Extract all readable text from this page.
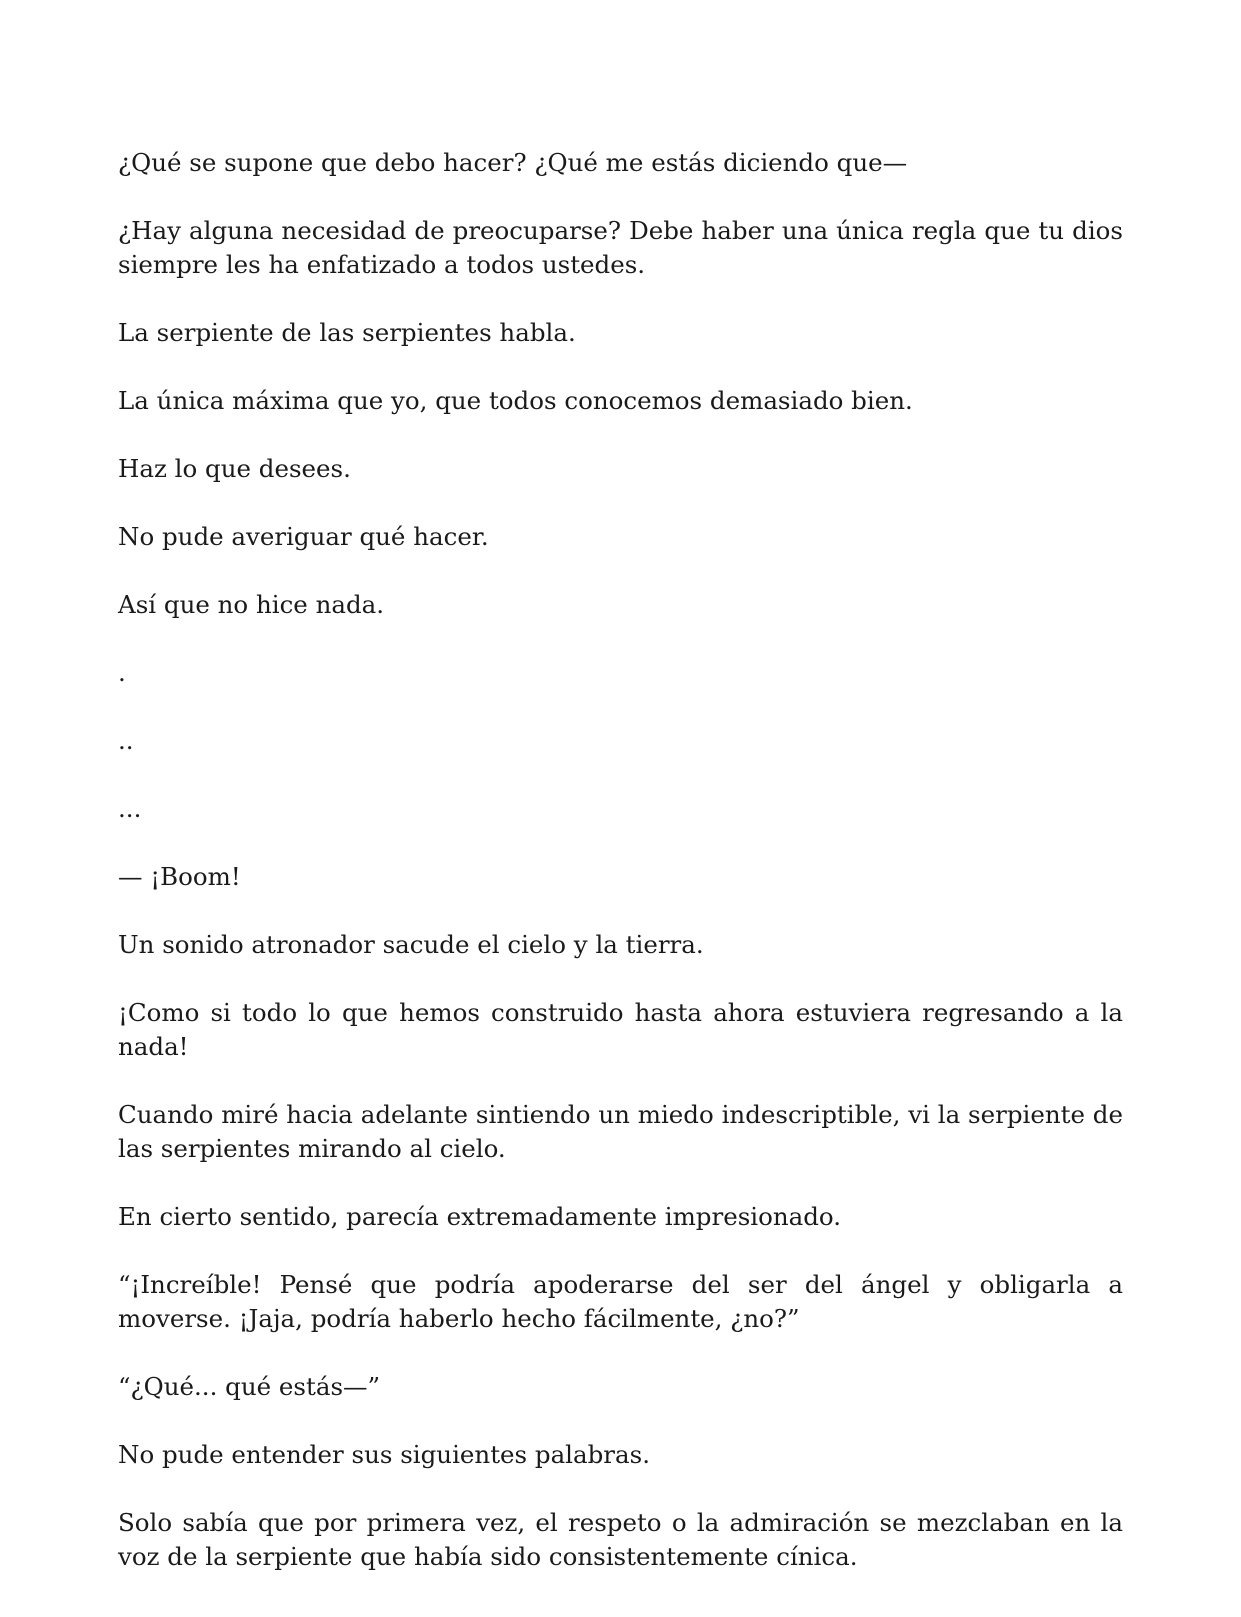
¿Qué se supone que debo hacer? ¿Qué me estás diciendo que—

¿Hay alguna necesidad de preocuparse? Debe haber una única regla que tu dios siempre les ha enfatizado a todos ustedes.

La serpiente de las serpientes habla.

La única máxima que yo, que todos conocemos demasiado bien.

Haz lo que desees.

No pude averiguar qué hacer.

Así que no hice nada.

.

..

...

— ¡Boom!

Un sonido atronador sacude el cielo y la tierra.

¡Como si todo lo que hemos construido hasta ahora estuviera regresando a la nada!

Cuando miré hacia adelante sintiendo un miedo indescriptible, vi la serpiente de las serpientes mirando al cielo.

En cierto sentido, parecía extremadamente impresionado.

“¡Increíble! Pensé que podría apoderarse del ser del ángel y obligarla a moverse. ¡Jaja, podría haberlo hecho fácilmente, ¿no?”

“¿Qué... qué estás—”

No pude entender sus siguientes palabras.

Solo sabía que por primera vez, el respeto o la admiración se mezclaban en la voz de la serpiente que había sido consistentemente cínica.
